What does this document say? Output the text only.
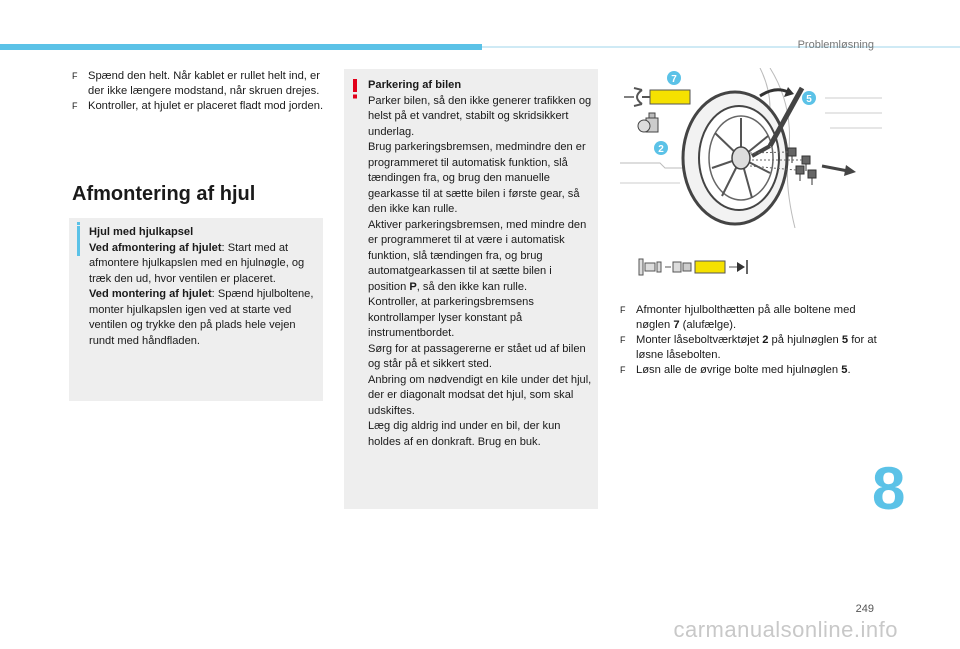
Problemløsning
F Spænd den helt. Når kablet er rullet helt ind, er der ikke længere modstand, når skruen drejes.
F Kontroller, at hjulet er placeret fladt mod jorden.
Afmontering af hjul

Hjul med hjulkapsel

Ved afmontering af hjulet: Start med at afmontere hjulkapslen med en hjulnøgle, og træk den ud, hvor ventilen er placeret.

Ved montering af hjulet: Spænd hjulboltene, monter hjulkapslen igen ved at starte ved ventilen og trykke den på plads hele vejen rundt med håndfladen.

Parkering af bilen

Parker bilen, så den ikke generer trafikken og helst på et vandret, stabilt og skridsikkert underlag.

Brug parkeringsbremsen, medmindre den er programmeret til automatisk funktion, slå tændingen fra, og brug den manuelle gearkasse til at sætte bilen i første gear, så den ikke kan rulle.

Aktiver parkeringsbremsen, med mindre den er programmeret til at være i automatisk funktion, slå tændingen fra, og brug automatgearkassen til at sætte bilen i position P, så den ikke kan rulle.

Kontroller, at parkeringsbremsens kontrollamper lyser konstant på instrumentbordet.

Sørg for at passagererne er stået ud af bilen og står på et sikkert sted.

Anbring om nødvendigt en kile under det hjul, der er diagonalt modsat det hjul, som skal udskiftes.

Læg dig aldrig ind under en bil, der kun holdes af en donkraft. Brug en buk.

7
5
2
F Afmonter hjulbolthætten på alle boltene med nøglen 7 (alufælge).
F Monter låseboltværktøjet 2 på hjulnøglen 5 for at løsne låsebolten.
F Løsn alle de øvrige bolte med hjulnøglen 5.
8
249
carmanualsonline.info
